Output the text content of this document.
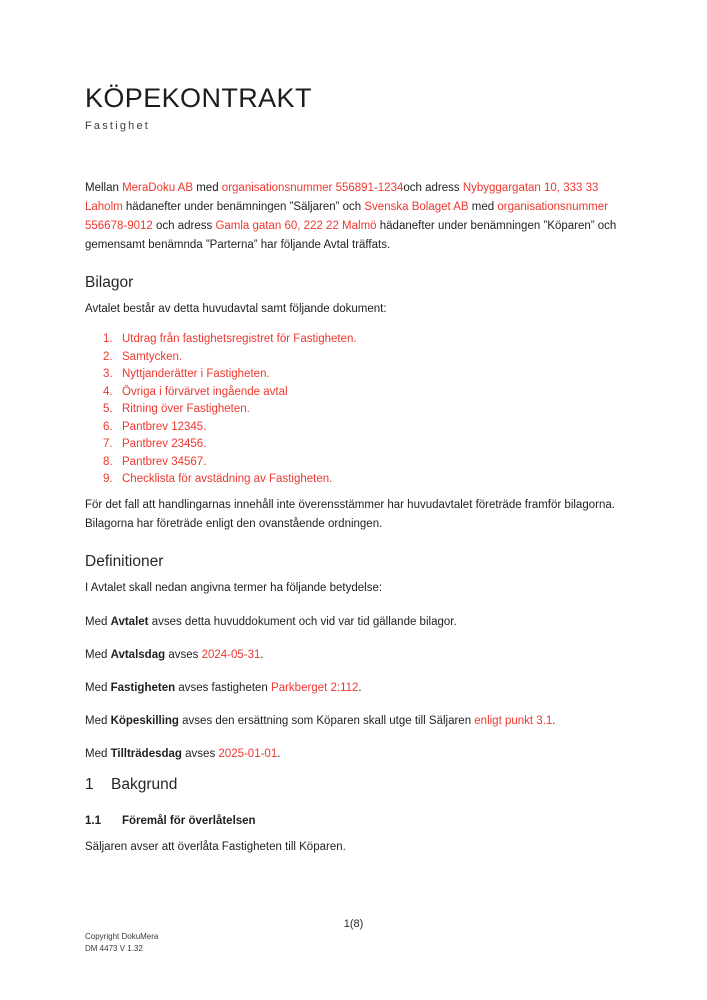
KÖPEKONTRAKT
Fastighet
Mellan MeraDoku AB med organisationsnummer 556891-1234och adress Nybyggargatan 10, 333 33 Laholm hädanefter under benämningen ”Säljaren” och Svenska Bolaget AB med organisationsnummer 556678-9012 och adress Gamla gatan 60, 222 22 Malmö hädanefter under benämningen ”Köparen” och gemensamt benämnda ”Parterna” har följande Avtal träffats.
Bilagor
Avtalet består av detta huvudavtal samt följande dokument:
1. Utdrag från fastighetsregistret för Fastigheten.
2. Samtycken.
3. Nyttjanderätter i Fastigheten.
4. Övriga i förvärvet ingående avtal
5. Ritning över Fastigheten.
6. Pantbrev 12345.
7. Pantbrev 23456.
8. Pantbrev 34567.
9. Checklista för avstädning av Fastigheten.
För det fall att handlingarnas innehåll inte överensstämmer har huvudavtalet företräde framför bilagorna. Bilagorna har företräde enligt den ovanstående ordningen.
Definitioner
I Avtalet skall nedan angivna termer ha följande betydelse:
Med Avtalet avses detta huvuddokument och vid var tid gällande bilagor.
Med Avtalsdag avses 2024-05-31.
Med Fastigheten avses fastigheten Parkberget 2:112.
Med Köpeskilling avses den ersättning som Köparen skall utge till Säljaren enligt punkt 3.1.
Med Tillträdesdag avses 2025-01-01.
1	Bakgrund
1.1	Föremål för överlåtelsen
Säljaren avser att överlåta Fastigheten till Köparen.
1(8)
Copyright DokuMera
DM 4473 V 1.32
